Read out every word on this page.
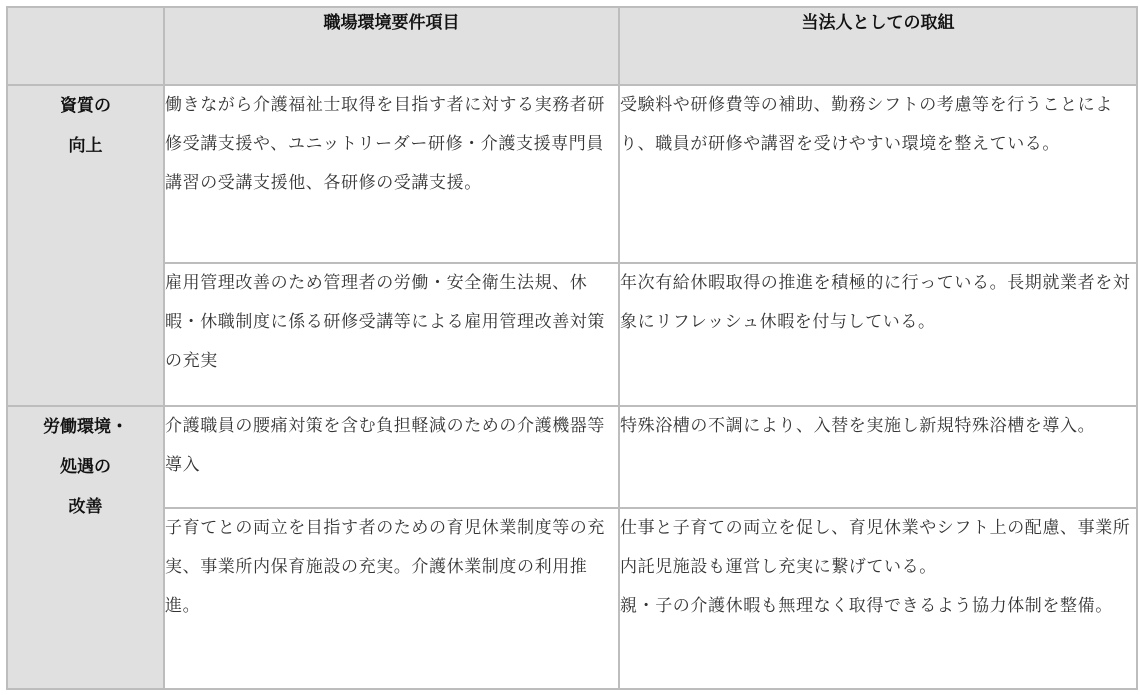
	職場環境要件項目	当法人としての取組

資質の
向上	働きながら介護福祉士取得を目指す者に対する実務者研修受講支援や、ユニットリーダー研修・介護支援専門員講習の受講支援他、各研修の受講支援。	受験料や研修費等の補助、勤務シフトの考慮等を行うことにより、職員が研修や講習を受けやすい環境を整えている。

	雇用管理改善のため管理者の労働・安全衛生法規、休暇・休職制度に係る研修受講等による雇用管理改善対策の充実	年次有給休暇取得の推進を積極的に行っている。長期就業者を対象にリフレッシュ休暇を付与している。

労働環境・
処遇の
改善	介護職員の腰痛対策を含む負担軽減のための介護機器等導入	特殊浴槽の不調により、入替を実施し新規特殊浴槽を導入。

	子育てとの両立を目指す者のための育児休業制度等の充実、事業所内保育施設の充実。介護休業制度の利用推進。	仕事と子育ての両立を促し、育児休業やシフト上の配慮、事業所内託児施設も運営し充実に繋げている。
親・子の介護休暇も無理なく取得できるよう協力体制を整備。
